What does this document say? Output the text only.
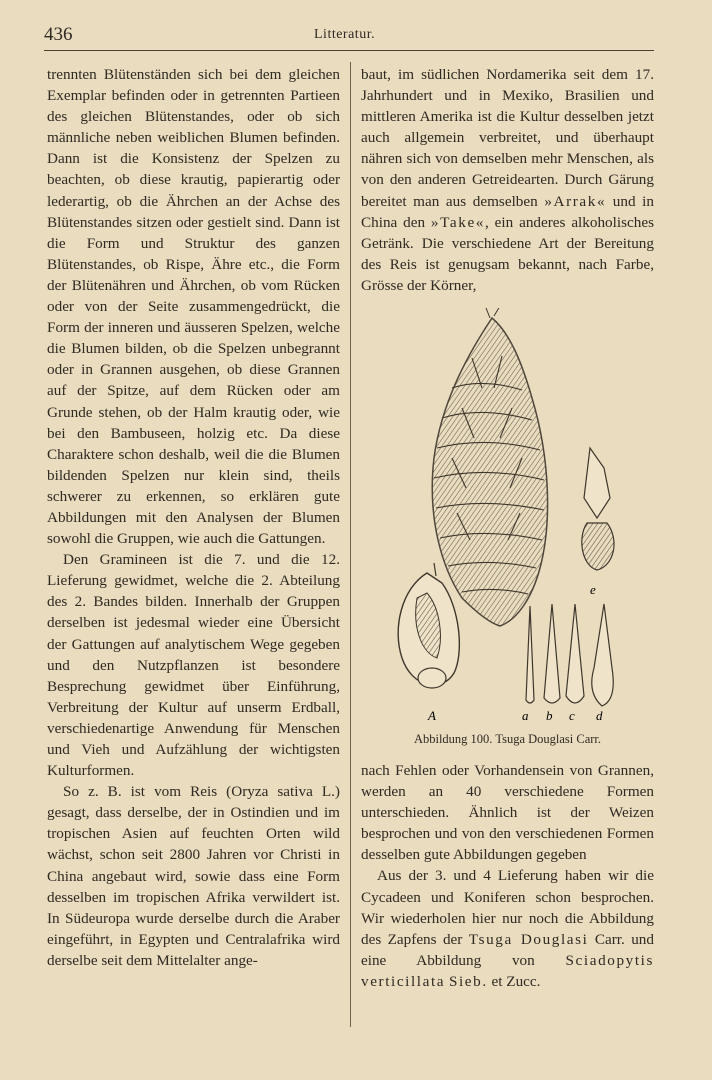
436	Litteratur.

trennten Blütenständen sich bei dem gleichen Exemplar befinden oder in getrennten Partieen des gleichen Blütenstandes, oder ob sich männliche neben weiblichen Blumen befinden. Dann ist die Konsistenz der Spelzen zu beachten, ob diese krautig, papierartig oder lederartig, ob die Ährchen an der Achse des Blütenstandes sitzen oder gestielt sind. Dann ist die Form und Struktur des ganzen Blütenstandes, ob Rispe, Ähre etc., die Form der Blütenähren und Ährchen, ob vom Rücken oder von der Seite zusammengedrückt, die Form der inneren und äusseren Spelzen, welche die Blumen bilden, ob die Spelzen unbegrannt oder in Grannen ausgehen, ob diese Grannen auf der Spitze, auf dem Rücken oder am Grunde stehen, ob der Halm krautig oder, wie bei den Bambuseen, holzig etc. Da diese Charaktere schon deshalb, weil die die Blumen bildenden Spelzen nur klein sind, theils schwerer zu erkennen, so erklären gute Abbildungen mit den Analysen der Blumen sowohl die Gruppen, wie auch die Gattungen.

Den Gramineen ist die 7. und die 12. Lieferung gewidmet, welche die 2. Abteilung des 2. Bandes bilden. Innerhalb der Gruppen derselben ist jedesmal wieder eine Übersicht der Gattungen auf analytischem Wege gegeben und den Nutzpflanzen ist besondere Besprechung gewidmet über Einführung, Verbreitung der Kultur auf unserm Erdball, verschiedenartige Anwendung für Menschen und Vieh und Aufzählung der wichtigsten Kulturformen.

So z. B. ist vom Reis (Oryza sativa L.) gesagt, dass derselbe, der in Ostindien und im tropischen Asien auf feuchten Orten wild wächst, schon seit 2800 Jahren vor Christi in China angebaut wird, sowie dass eine Form desselben im tropischen Afrika verwildert ist. In Südeuropa wurde derselbe durch die Araber eingeführt, in Egypten und Centralafrika wird derselbe seit dem Mittelalter ange-

baut, im südlichen Nordamerika seit dem 17. Jahrhundert und in Mexiko, Brasilien und mittleren Amerika ist die Kultur desselben jetzt auch allgemein verbreitet, und überhaupt nähren sich von demselben mehr Menschen, als von den anderen Getreidearten. Durch Gärung bereitet man aus demselben »Arrak« und in China den »Take«, ein anderes alkoholisches Getränk. Die verschiedene Art der Bereitung des Reis ist genugsam bekannt, nach Farbe, Grösse der Körner,

A	a b c d
e
Abbildung 100. Tsuga Douglasi Carr.

nach Fehlen oder Vorhandensein von Grannen, werden an 40 verschiedene Formen unterschieden. Ähnlich ist der Weizen besprochen und von den verschiedenen Formen desselben gute Abbildungen gegeben

Aus der 3. und 4 Lieferung haben wir die Cycadeen und Koniferen schon besprochen. Wir wiederholen hier nur noch die Abbildung des Zapfens der Tsuga Douglasi Carr. und eine Abbildung von Sciadopytis verticillata Sieb. et Zucc.
